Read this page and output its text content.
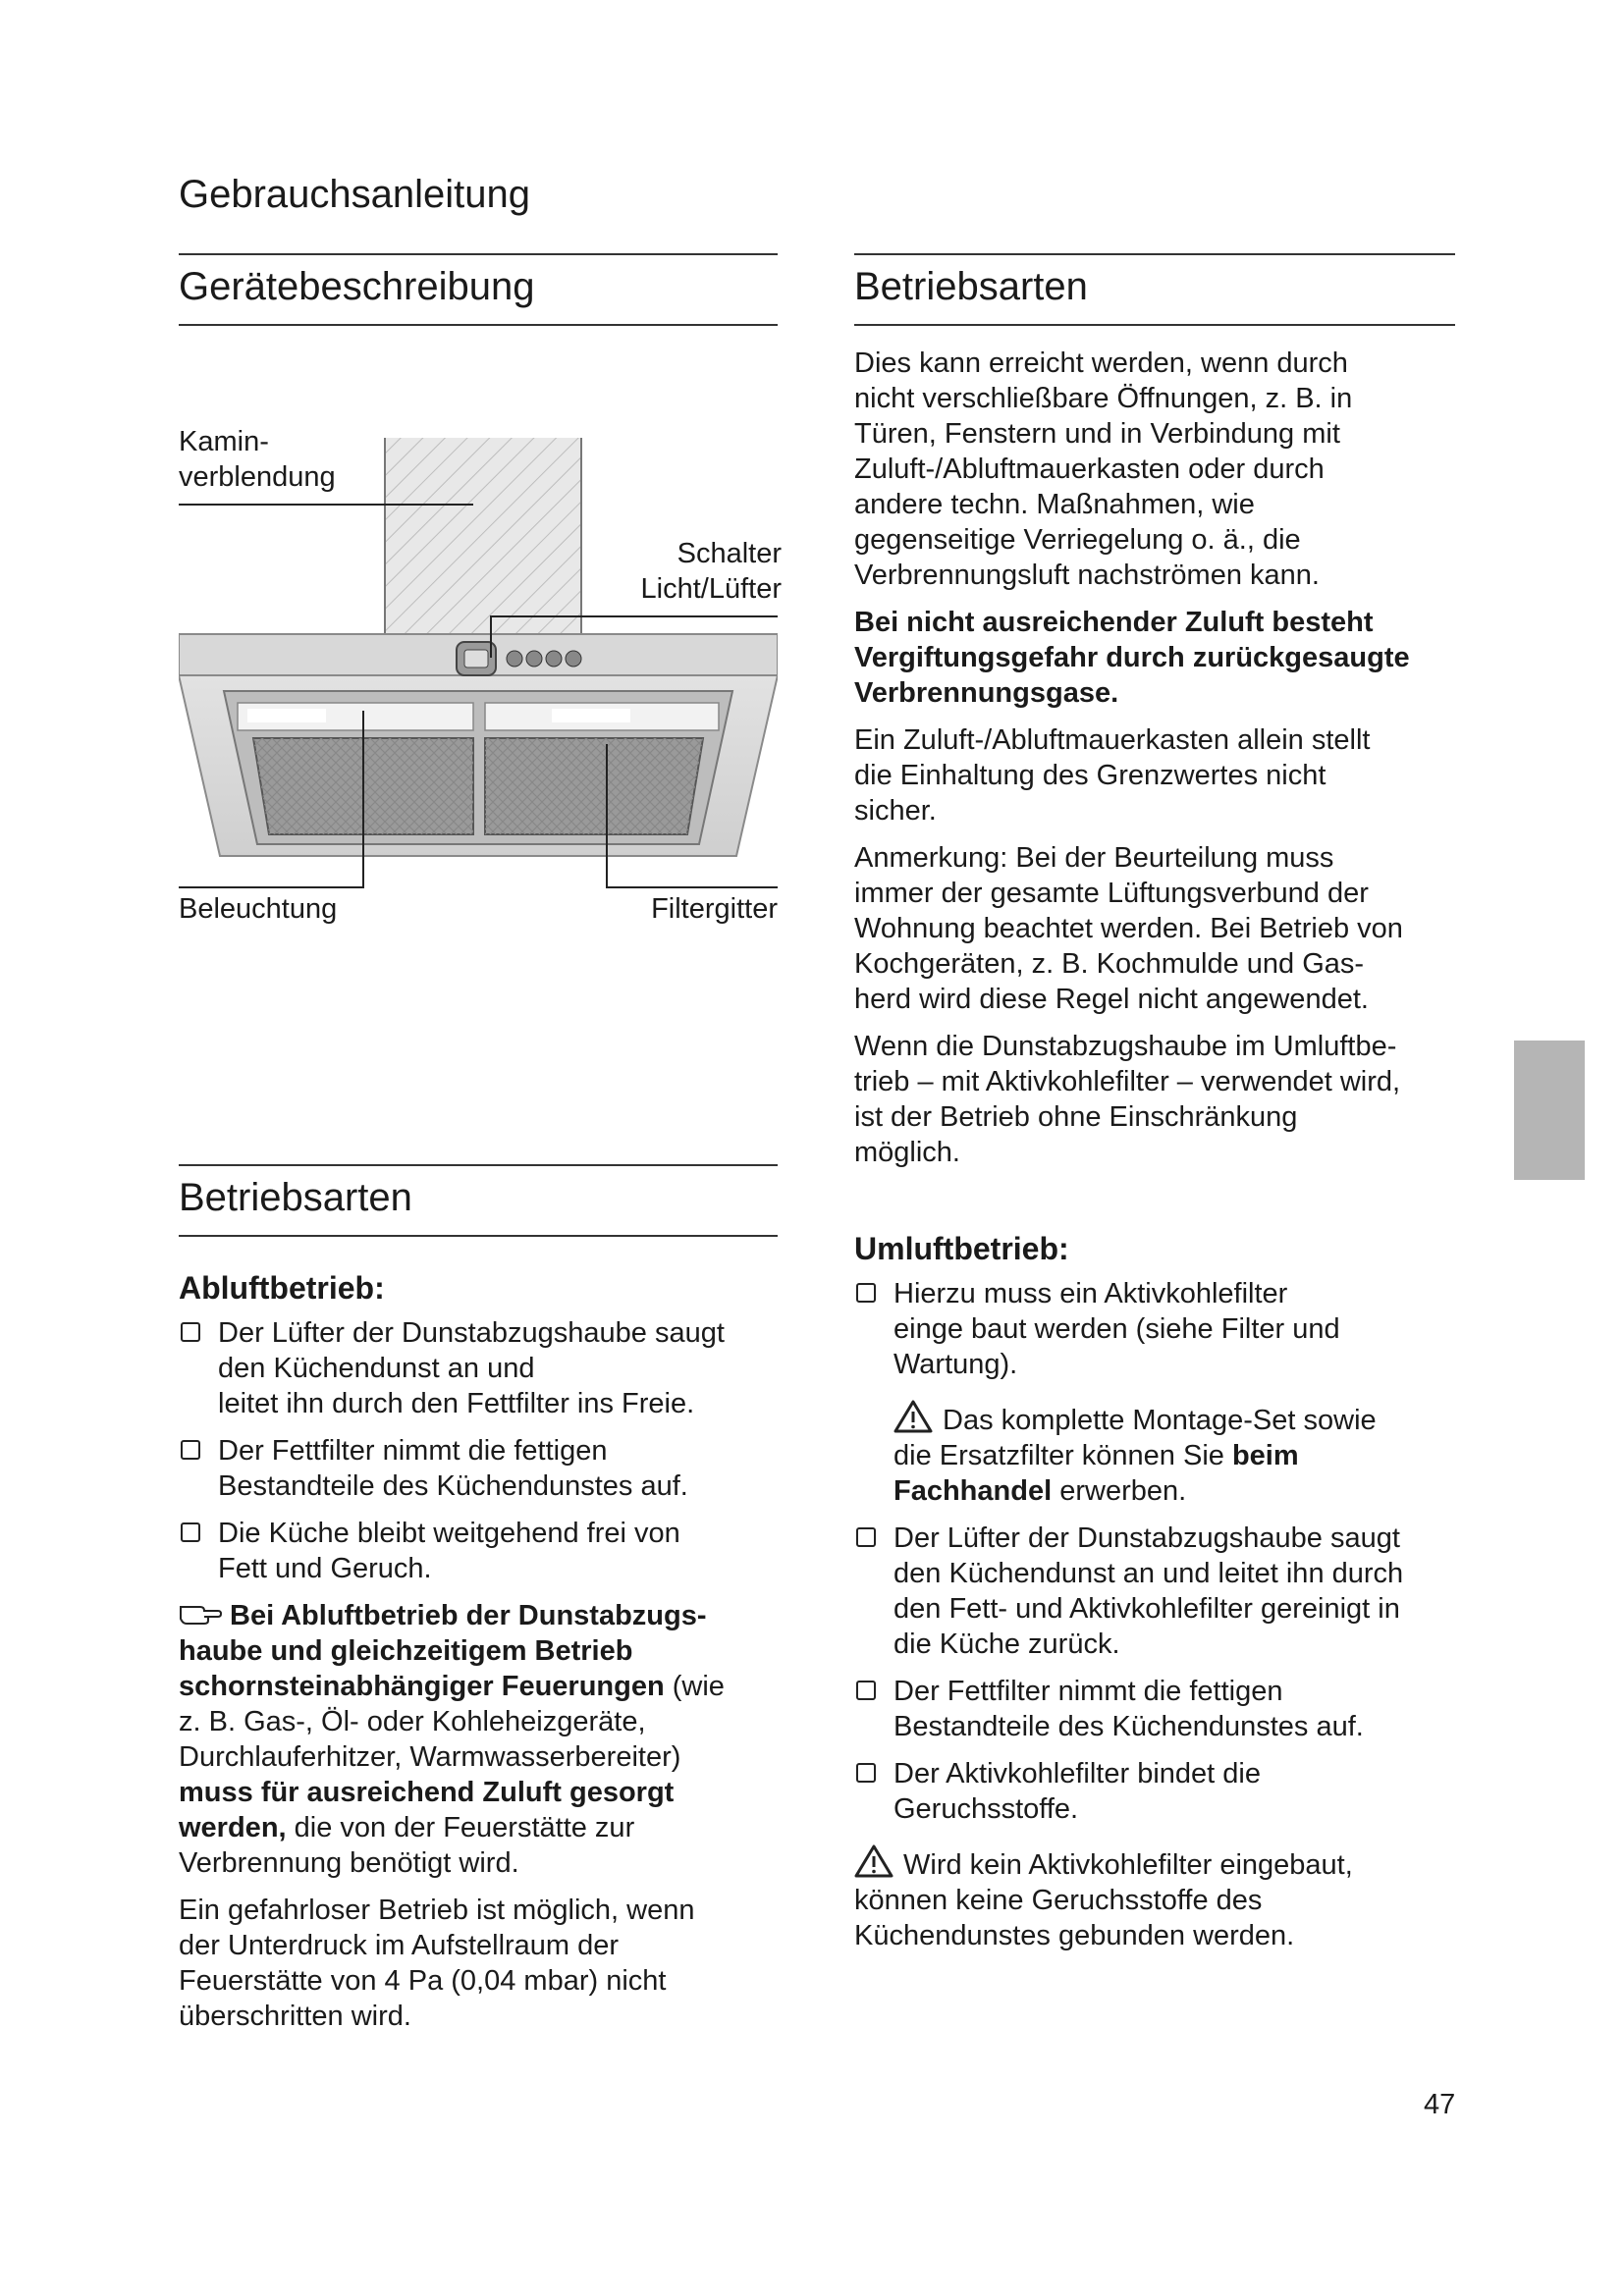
Gebrauchsanleitung
Gerätebeschreibung
Kamin-
verblendung
Schalter
Licht/Lüfter
Beleuchtung	Filtergitter
Betriebsarten
Abluftbetrieb:
Der Lüfter der Dunstabzugshaube saugt
den Küchendunst an und
leitet ihn durch den Fettfilter ins Freie.
Der Fettfilter nimmt die fettigen
Bestandteile des Küchendunstes auf.
Die Küche bleibt weitgehend frei von
Fett und Geruch.
Bei Abluftbetrieb der Dunstabzugs-
haube und gleichzeitigem Betrieb
schornsteinabhängiger Feuerungen (wie
z. B. Gas-, Öl- oder Kohleheizgeräte,
Durchlauferhitzer, Warmwasserbereiter)
muss für ausreichend Zuluft gesorgt
werden, die von der Feuerstätte zur
Verbrennung benötigt wird.
Ein gefahrloser Betrieb ist möglich, wenn
der Unterdruck im Aufstellraum der
Feuerstätte von 4 Pa (0,04 mbar) nicht
überschritten wird.
Betriebsarten
Dies kann erreicht werden, wenn durch
nicht verschließbare Öffnungen, z. B. in
Türen, Fenstern und in Verbindung mit
Zuluft-/Abluftmauerkasten oder durch
andere techn. Maßnahmen, wie
gegenseitige Verriegelung o. ä., die
Verbrennungsluft nachströmen kann.
Bei nicht ausreichender Zuluft besteht
Vergiftungsgefahr durch zurückgesaugte
Verbrennungsgase.
Ein Zuluft-/Abluftmauerkasten allein stellt
die Einhaltung des Grenzwertes nicht
sicher.
Anmerkung: Bei der Beurteilung muss
immer der gesamte Lüftungsverbund der
Wohnung beachtet werden. Bei Betrieb von
Kochgeräten, z. B. Kochmulde und Gas-
herd wird diese Regel nicht angewendet.
Wenn die Dunstabzugshaube im Umluftbe-
trieb – mit Aktivkohlefilter – verwendet wird,
ist der Betrieb ohne Einschränkung
möglich.
Umluftbetrieb:
Hierzu muss ein Aktivkohlefilter
einge baut werden (siehe Filter und
Wartung).
Das komplette Montage-Set sowie
die Ersatzfilter können Sie beim
Fachhandel erwerben.
Der Lüfter der Dunstabzugshaube saugt
den Küchendunst an und leitet ihn durch
den Fett- und Aktivkohlefilter gereinigt in
die Küche zurück.
Der Fettfilter nimmt die fettigen
Bestandteile des Küchendunstes auf.
Der Aktivkohlefilter bindet die
Geruchsstoffe.
Wird kein Aktivkohlefilter eingebaut,
können keine Geruchsstoffe des
Küchendunstes gebunden werden.
47
